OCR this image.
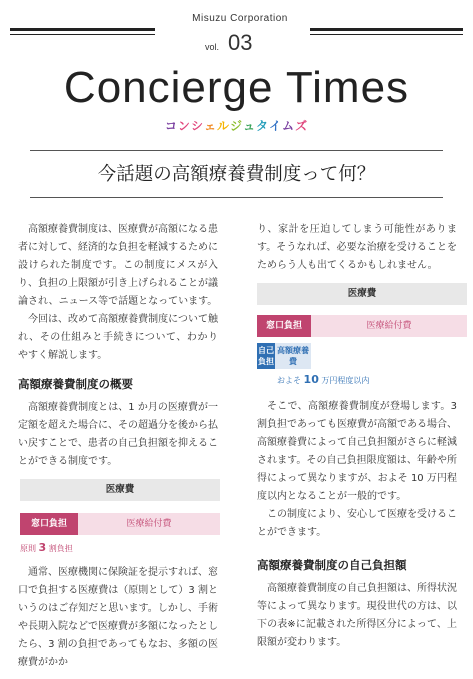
Misuzu Corporation
vol. 03
Concierge Times
コンシェルジュタイムズ
今話題の高額療養費制度って何？

高額療養費制度は、医療費が高額になる患者に対して、経済的な負担を軽減するために設けられた制度です。この制度にメスが入り、負担の上限額が引き上げられることが議論され、ニュース等で話題となっています。

今回は、改めて高額療養費制度について触れ、その仕組みと手続きについて、わかりやすく解説します。

高額療養費制度の概要

高額療養費制度とは、1 か月の医療費が一定額を超えた場合に、その超過分を後から払い戻すことで、患者の自己負担額を抑えることができる制度です。

医療費
窓口負担	医療給付費
原則 3 割負担

通常、医療機関に保険証を提示すれば、窓口で負担する医療費は（原則として）3 割というのはご存知だと思います。しかし、手術や長期入院などで医療費が多額になったとしたら、3 割の負担であってもなお、多額の医療費がかか

り、家計を圧迫してしまう可能性があります。そうなれば、必要な治療を受けることをためらう人も出てくるかもしれません。

医療費
窓口負担	医療給付費
自己負担
高額療養費
およそ 10 万円程度以内

そこで、高額療養費制度が登場します。3 割負担であっても医療費が高額である場合、高額療養費によって自己負担額がさらに軽減されます。その自己負担限度額は、年齢や所得によって異なりますが、およそ 10 万円程度以内となることが一般的です。

この制度により、安心して医療を受けることができます。

高額療養費制度の自己負担額

高額療養費制度の自己負担額は、所得状況等によって異なります。現役世代の方は、以下の表※に記載された所得区分によって、上限額が変わります。
